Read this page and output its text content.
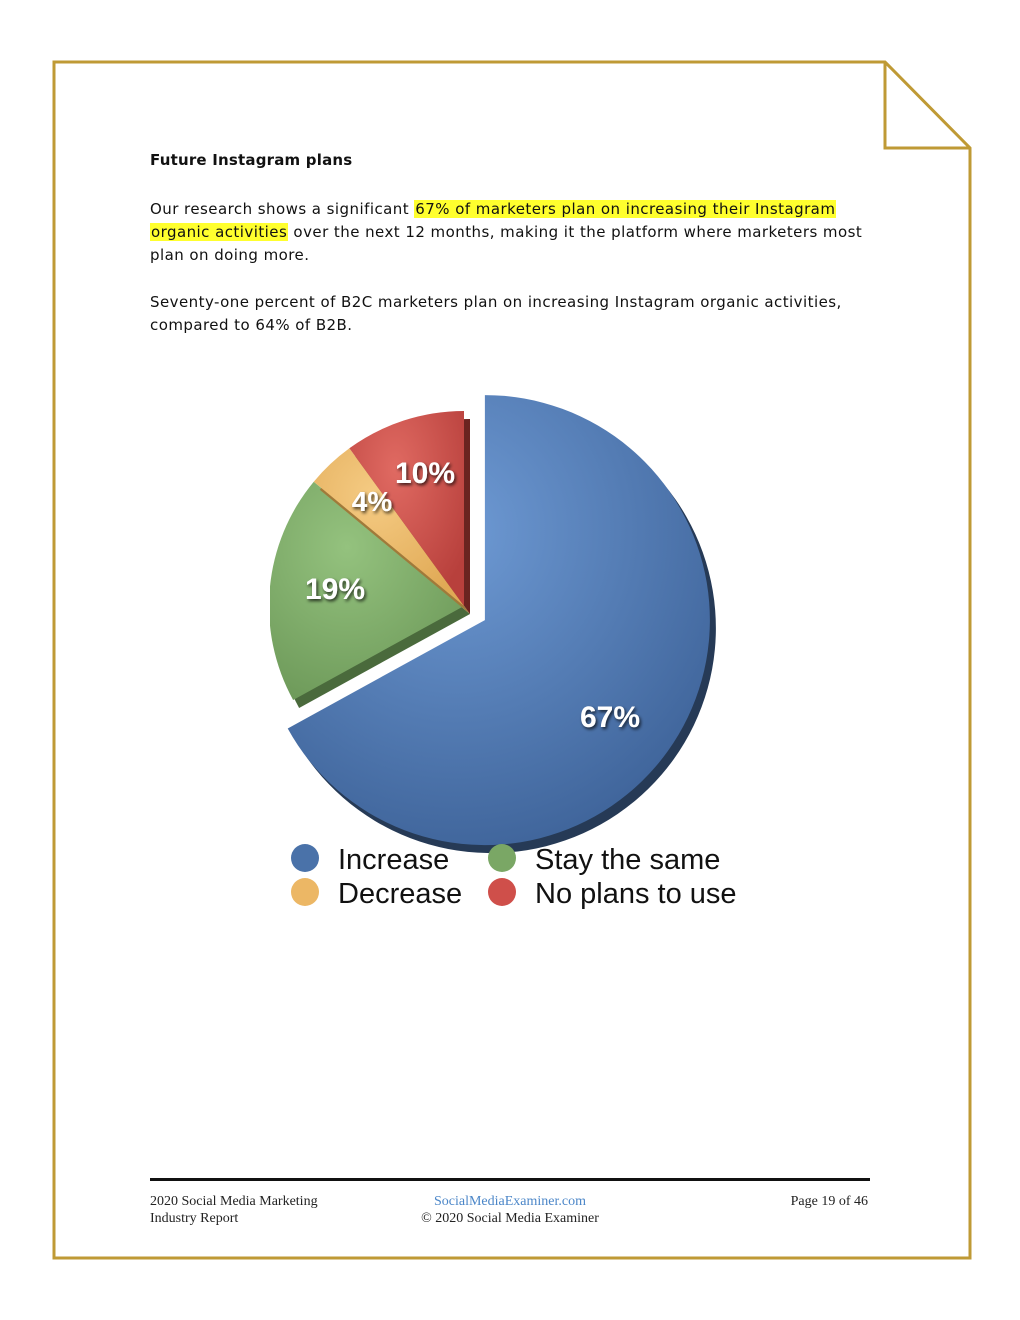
Future Instagram plans
Our research shows a significant 67% of marketers plan on increasing their Instagram organic activities over the next 12 months, making it the platform where marketers most plan on doing more.
Seventy-one percent of B2C marketers plan on increasing Instagram organic activities, compared to 64% of B2B.
67%
19%
4%
10%
Increase	Stay the same
Decrease	No plans to use
2020 Social Media Marketing
Industry Report
SocialMediaExaminer.com
© 2020 Social Media Examiner
Page 19 of 46
